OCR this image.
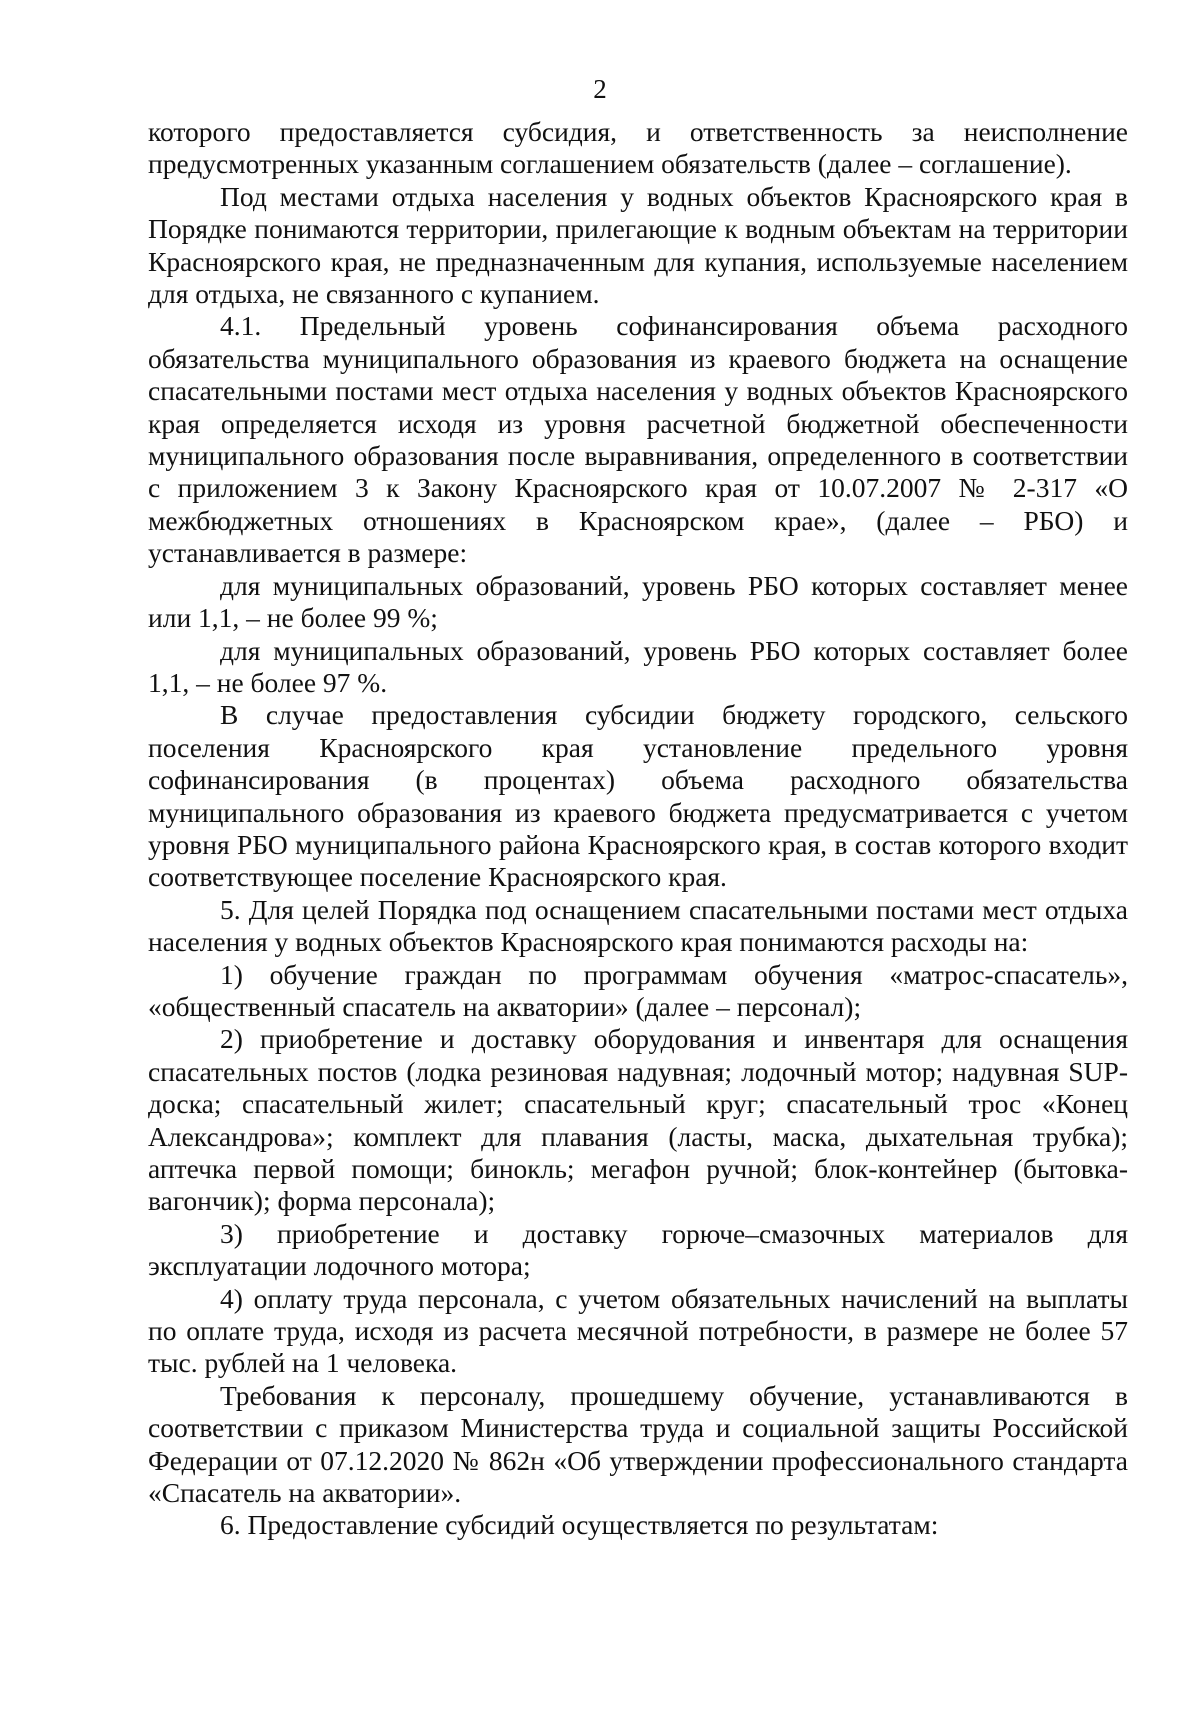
2

которого предоставляется субсидия, и ответственность за неисполнение предусмотренных указанным соглашением обязательств (далее – соглашение).

Под местами отдыха населения у водных объектов Красноярского края в Порядке понимаются территории, прилегающие к водным объектам на территории Красноярского края, не предназначенным для купания, используемые населением для отдыха, не связанного с купанием.

4.1. Предельный уровень софинансирования объема расходного обязательства муниципального образования из краевого бюджета на оснащение спасательными постами мест отдыха населения у водных объектов Красноярского края определяется исходя из уровня расчетной бюджетной обеспеченности муниципального образования после выравнивания, определенного в соответствии с приложением 3 к Закону Красноярского края от 10.07.2007 № 2-317 «О межбюджетных отношениях в Красноярском крае», (далее – РБО) и устанавливается в размере:

для муниципальных образований, уровень РБО которых составляет менее или 1,1, – не более 99 %;

для муниципальных образований, уровень РБО которых составляет более 1,1, – не более 97 %.

В случае предоставления субсидии бюджету городского, сельского поселения Красноярского края установление предельного уровня софинансирования (в процентах) объема расходного обязательства муниципального образования из краевого бюджета предусматривается с учетом уровня РБО муниципального района Красноярского края, в состав которого входит соответствующее поселение Красноярского края.

5. Для целей Порядка под оснащением спасательными постами мест отдыха населения у водных объектов Красноярского края понимаются расходы на:

1) обучение граждан по программам обучения «матрос-спасатель», «общественный спасатель на акватории» (далее – персонал);

2) приобретение и доставку оборудования и инвентаря для оснащения спасательных постов (лодка резиновая надувная; лодочный мотор; надувная SUP-доска; спасательный жилет; спасательный круг; спасательный трос «Конец Александрова»; комплект для плавания (ласты, маска, дыхательная трубка); аптечка первой помощи; бинокль; мегафон ручной; блок-контейнер (бытовка-вагончик); форма персонала);

3) приобретение и доставку горюче–смазочных материалов для эксплуатации лодочного мотора;

4) оплату труда персонала, с учетом обязательных начислений на выплаты по оплате труда, исходя из расчета месячной потребности, в размере не более 57 тыс. рублей на 1 человека.

Требования к персоналу, прошедшему обучение, устанавливаются в соответствии с приказом Министерства труда и социальной защиты Российской Федерации от 07.12.2020 № 862н «Об утверждении профессионального стандарта «Спасатель на акватории».

6. Предоставление субсидий осуществляется по результатам:
